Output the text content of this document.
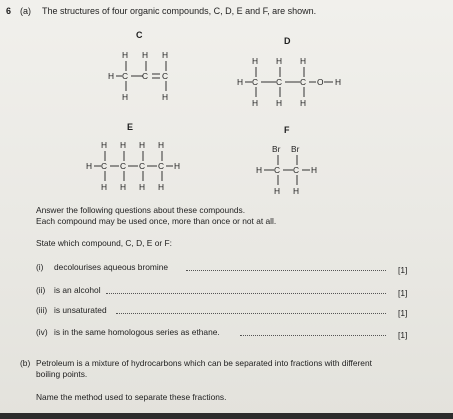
6 (a) The structures of four organic compounds, C, D, E and F, are shown.
C
D
E	F
H H H
H C C C
H	H
H H H
H C C C O H
H H H
H H H H
H C C C C H
H H H H
Br Br
H C C H
H H
Answer the following questions about these compounds.
Each compound may be used once, more than once or not at all.
State which compound, C, D, E or F:
(i) decolourises aqueous bromine	[1]
(ii) is an alcohol	[1]
(iii) is unsaturated	[1]
(iv) is in the same homologous series as ethane.	[1]
(b) Petroleum is a mixture of hydrocarbons which can be separated into fractions with different
boiling points.
Name the method used to separate these fractions.
